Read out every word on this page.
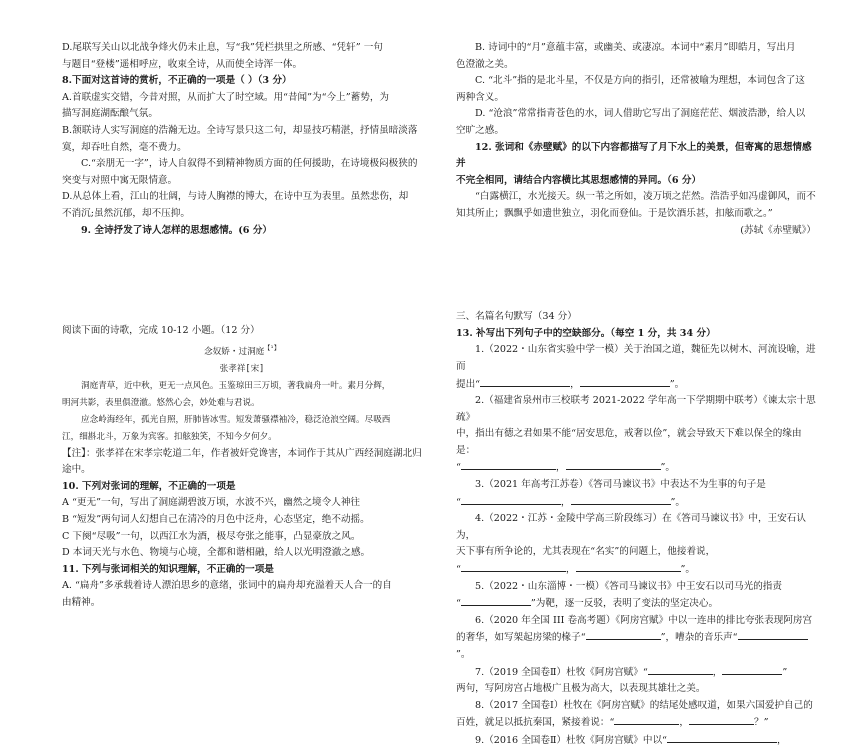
D.尾联写关山以北战争烽火仍未止息，写“我”凭栏拱里之所感、“凭轩” 一句

与题目“登楼”遥相呼应，收束全诗，从而使全诗浑一体。

8.下面对这首诗的赏析，不正确的一项是（ ）（3 分）

A.首联虚实交错，今昔对照，从而扩大了时空域。用“昔闻”为“今上”蓄势，为

描写洞庭湖酝酿气氛。

B.颔联诗人实写洞庭的浩瀚无边。全诗写景只这二句，却显技巧精湛，抒情虽暗淡落

寞，却吞吐自然，毫不费力。

C.“亲朋无一字”，诗人自叙得不到精神物质方面的任何援助，在诗境极闷极狭的

突变与对照中寓无限情意。

D.从总体上看，江山的壮阔，与诗人胸襟的博大，在诗中互为表里。虽然悲伤，却

不消沉;虽然沉郁，却不压抑。

9. 全诗抒发了诗人怎样的思想感情。(6 分）

阅读下面的诗歌，完成 10-12 小题。（12 分）

念奴娇・过洞庭$^{【^1】}$

张孝祥[宋]

洞庭青草，近中秋，更无一点风色。玉鉴琼田三万顷，著我扁舟一叶。素月分辉，

明河共影，表里俱澄澈。悠然心会，妙处难与君说。

应念岭海经年，孤光自照，肝肺皆冰雪。短发萧骚襟袖冷，稳泛沧浪空阔。尽吸西

江，细斟北斗，万象为宾客。扣舷独笑，不知今夕何夕。

【注】：张孝祥在宋孝宗乾道二年，作者被奸党谗害，本词作于其从广西经洞庭湖北归途中。

10. 下列对张词的理解，不正确的一项是

A “更无”一句，写出了洞庭湖碧波万顷，水波不兴，幽然之境令人神往

B “短发”两句词人幻想自己在清冷的月色中泛舟，心态坚定，绝不动摇。

C 下阕“尽吸”一句，以西江水为酒，极尽夸张之能事，凸显豪放之风。

D 本词天光与水色、物境与心境，全都和谐相融，给人以光明澄澈之感。

11. 下列与张词相关的知识理解，不正确的一项是

A. “扁舟”多承载着诗人漂泊思乡的意绪，张词中的扁舟却充溢着天人合一的自

由精神。

B. 诗词中的“月”意蕴丰富，或幽美、或凄凉。本词中“素月”即皓月，写出月

色澄澈之美。

C. “北斗”指的是北斗星，不仅是方向的指引，还常被喻为理想，本词包含了这

两种含义。

D. “沧浪”常常指青苍色的水，词人借助它写出了洞庭茫茫、烟波浩渺，给人以

空旷之感。

12. 张词和《赤壁赋》的以下内容都描写了月下水上的美景，但寄寓的思想情感并

不完全相同，请结合内容横比其思想感情的异同。（6 分）

“白露横江，水光接天。纵一苇之所如，凌万顷之茫然。浩浩乎如冯虚御风，而不

知其所止；飘飘乎如遗世独立，羽化而登仙。于是饮酒乐甚，扣舷而歌之。”

(苏轼《赤壁赋》）

三、名篇名句默写（34 分）

13. 补写出下列句子中的空缺部分。（每空 1 分，共 34 分）

1.（2022・山东省实验中学一模）关于治国之道，魏征先以树木、河流设喻，进而

提出“	，	”。

2.（福建省泉州市三校联考 2021-2022 学年高一下学期期中联考）《谏太宗十思疏》

中，指出有德之君如果不能“居安思危，戒奢以俭”，就会导致天下难以保全的缘由是：

“	，	”。

3.（2021 年高考江苏卷）《答司马谏议书》中表达不为生事的句子是

“	，	”。

4.（2022・江苏・金陵中学高三阶段练习）在《答司马谏议书》中，王安石认为，

天下事有所争论的，尤其表现在“名实”的问题上，他接着说，

“	，	”。

5.（2022・山东淄博・一模）《答司马谏议书》中王安石以司马光的指责

“	”为靶，逐一反驳，表明了变法的坚定决心。

6.（2020 年全国 III 卷高考题）《阿房宫赋》中以一连串的排比夸张表现阿房宫

的奢华，如写架起房梁的椽子“	”，嘈杂的音乐声“”。

7.（2019 全国卷Ⅱ）杜牧《阿房宫赋》“	，	”

两句，写阿房宫占地极广且极为高大，以表现其雄壮之美。

8.（2017 全国卷Ⅰ）杜牧在《阿房宫赋》的结尾处感叹道，如果六国爱护自己的

百姓，就足以抵抗秦国，紧接着说：“	，	？”

9.（2016 全国卷Ⅱ）杜牧《阿房宫赋》中以“	，
